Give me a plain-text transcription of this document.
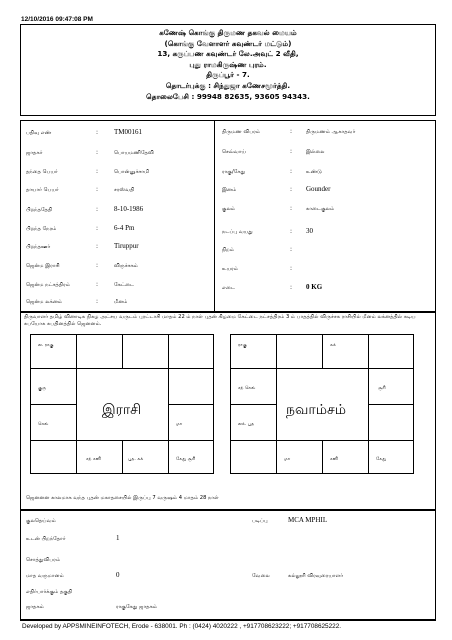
12/10/2016 09:47:08 PM
கணேஷ் கொங்கு திருமண தகவல் மையம்
(கொங்கு வேளாளர் கவுண்டர் மட்டும்)
13, கருப்பண கவுண்டர் லே.அவுட் 2 வீதி,
புது ராமகிருஷ்ண புரம்.
திருப்பூர் - 7.
தொடர்புக்கு : சிந்துஜா கணேசமூர்த்தி.
தொலைபேசி : 99948 82635, 93605 94343.
பதிவு எண்	: TM00161
ஜாதகர்	:	பொயமணிதேவி
தந்தை பெயர்	:	பொன்னுச்சாமி
தாயார் பெயர்	:	சரஸ்வதி
பிறந்ததேதி	: 8-10-1986
பிறந்த நேரம்	: 6-4 Pm
பிறந்தஊர்	: Tiruppur
ஜென்ம இராசி	:	விருச்சகம்
ஜென்ம நட்சத்திரம்	:	கேட்டை
ஜென்ம லக்னம்	:	மீனம்
திருமண விபரம்	:	திருமணம் ஆகாதவர்
செவ்வாய்	:	இல்லை
ராகு/கேது	:	உண்டு
இனம்	: Gounder
குலம்	:	காடைகுலம்
நடப்பு வயது	: 30
நிறம்	:
உயரம்	:
எடை	: 0 KG
திருவாளர் தமிழ் வினாடிக நிகழ அட்சய வருடம் புரட்டாசி மாதம் 22 ம் நாள் புதன் கிழமை கேட்டை நட்சத்திரம் 3 ம் பாதத்தில் விருச்சக ராசியில் மீனம் லக்னத்தில் சுடிய சுபயோக சுபதினத்தில் ஜெனனம்.
ல. ராகு
குரு
செவ்	மா
சந் சனி	புத. சுக்	கேது சூரி
இராசி
ராகு	சுக்
சந் செவ்
லக். புத
சூரி
மா	சனி	கேது
நவாம்சம்
ஜெனனன காலமாக வந்த புதன் மகாதசையில் இருப்பு 7 வருஷம் 4 மாதம் 28 நாள்
குலதெய்வம்
உடன் பிறந்தோர்	1
சொத்துவிபரம்
மாத வருமானம்	0
எதிர்பார்க்கும் தகுதி
ஜாதகம்	ராகுகேது ஜாதகம்
படிப்பு	MCA MPHIL
வேலை	கல்லூரி விரவுரையாளர்
Developed by APPSMINEINFOTECH, Erode - 638001. Ph : (0424) 4020222 , +917708623222; +917708625222.
